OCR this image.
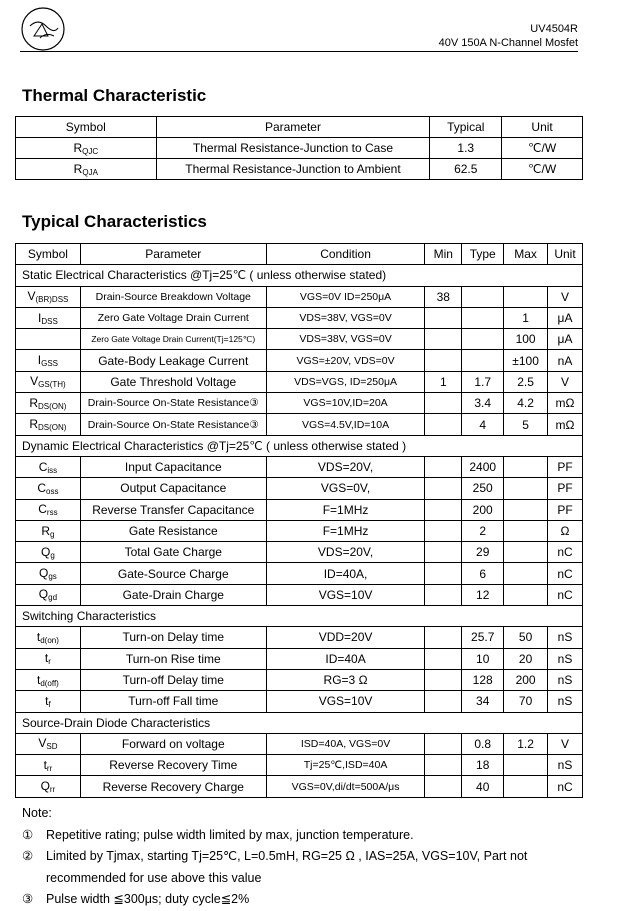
UV4504R
40V 150A N-Channel Mosfet
Thermal Characteristic
Symbol	Parameter	Typical	Unit
$R_{QJC}$	Thermal Resistance-Junction to Case	1.3	℃/W
$R_{QJA}$	Thermal Resistance-Junction to Ambient	62.5	℃/W
Typical Characteristics
Symbol	Parameter	Condition	Min	Type	Max	Unit
Static Electrical Characteristics @Tj=25℃ ( unless otherwise stated)						
$V_{(BR)DSS}$	Drain-Source Breakdown Voltage	VGS=0V ID=250μA	38			V
$I_{DSS}$	Zero Gate Voltage Drain Current	VDS=38V, VGS=0V			1	μA
	Zero Gate Voltage Drain Current(Tj=125℃)	VDS=38V, VGS=0V			100	μA
$I_{GSS}$	Gate-Body Leakage Current	VGS=±20V, VDS=0V			±100	nA
$V_{GS(TH)}$	Gate Threshold Voltage	VDS=VGS, ID=250μA	1	1.7	2.5	V
$R_{DS(ON)}$	Drain-Source On-State Resistance③	VGS=10V,ID=20A		3.4	4.2	mΩ
$R_{DS(ON)}$	Drain-Source On-State Resistance③	VGS=4.5V,ID=10A		4	5	mΩ
Dynamic Electrical Characteristics @Tj=25℃ ( unless otherwise stated )						
$C_{iss}$	Input Capacitance	VDS=20V,		2400		PF
$C_{oss}$	Output Capacitance	VGS=0V,		250		PF
$C_{rss}$	Reverse Transfer Capacitance	F=1MHz		200		PF
$R_g$	Gate Resistance	F=1MHz		2		Ω
$Q_g$	Total Gate Charge	VDS=20V,		29		nC
$Q_{gs}$	Gate-Source Charge	ID=40A,		6		nC
$Q_{gd}$	Gate-Drain Charge	VGS=10V		12		nC
Switching Characteristics						
$t_{d(on)}$	Turn-on Delay time	VDD=20V		25.7	50	nS
$t_r$	Turn-on Rise time	ID=40A		10	20	nS
$t_{d(off)}$	Turn-off Delay time	RG=3 Ω		128	200	nS
$t_f$	Turn-off Fall time	VGS=10V		34	70	nS
Source-Drain Diode Characteristics						
$V_{SD}$	Forward on voltage	ISD=40A, VGS=0V		0.8	1.2	V
$t_{rr}$	Reverse Recovery Time	Tj=25℃,ISD=40A		18		nS
$Q_{rr}$	Reverse Recovery Charge	VGS=0V,di/dt=500A/μs		40		nC
Note:
①	Repetitive rating; pulse width limited by max, junction temperature.
②	Limited by Tjmax, starting Tj=25℃, L=0.5mH, RG=25 Ω , IAS=25A, VGS=10V, Part not recommended for use above this value
③	Pulse width ≦300μs; duty cycle≦2%
